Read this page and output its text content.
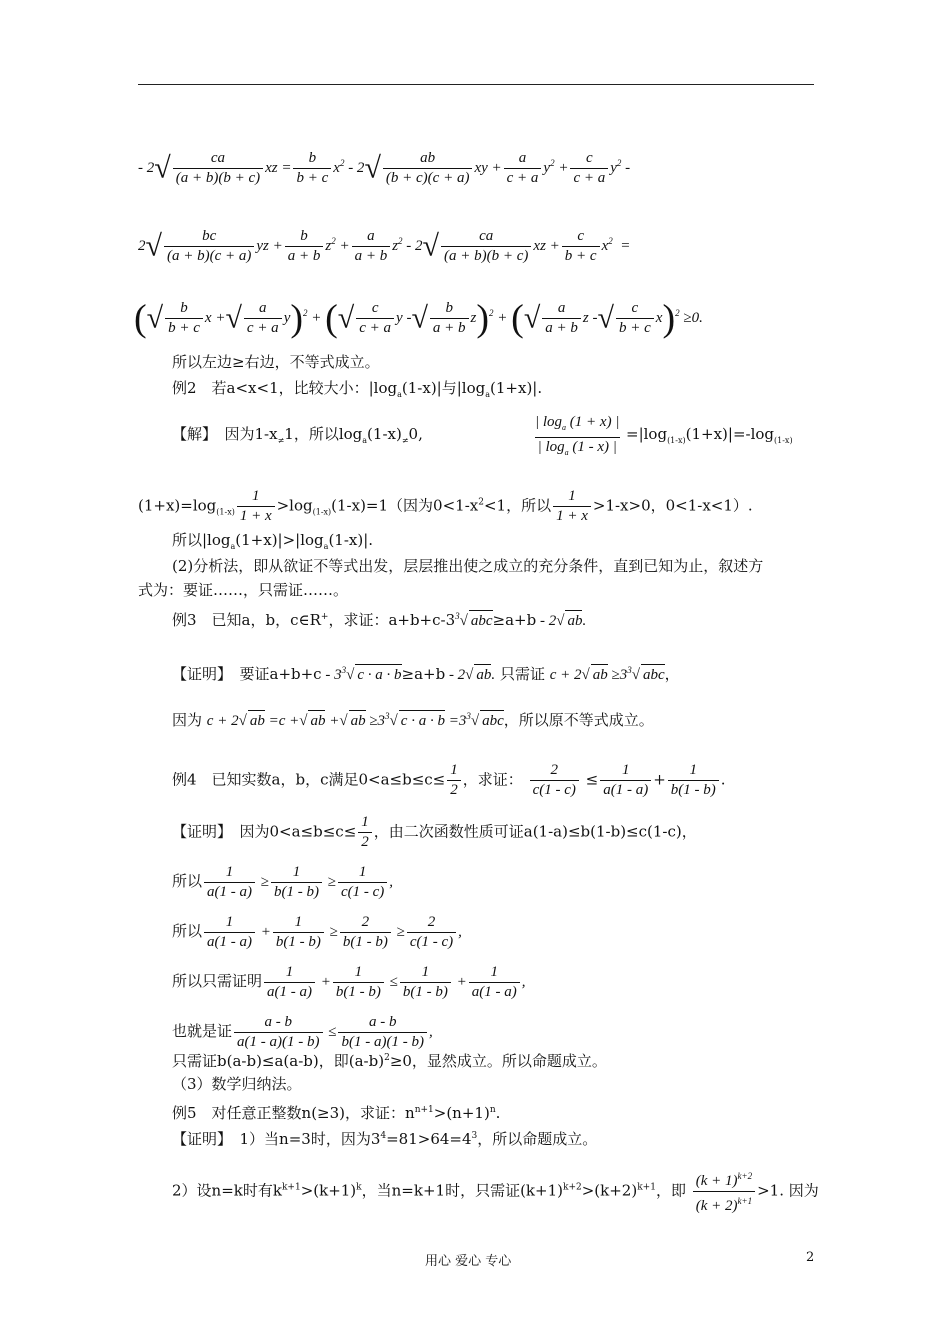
- $2√ \frac{ca}{(a + b)(b + c)}$ xz = $\frac{b}{b + c} x^2 - 2√ \frac{ab}{(b + c)(c + a)}$ xy + $\frac{a}{c + a} y^2 + \frac{c}{c + a} y^2$ -
$2√ \frac{bc}{(a + b)(c + a)}$ yz + $\frac{b}{a + b} z^2 + \frac{a}{a + b} z^2 - 2√ \frac{ca}{(a + b)(b + c)}$ xz + $\frac{c}{b + c} x^2$  =
(√ $\frac{b}{b + c}$ x +√ $\frac{a}{c + a} y)^2$ + (√ $\frac{c}{c + a}$ y -√ $\frac{b}{a + b} z)^2$ + (√ $\frac{a}{a + b}$ z -√ $\frac{c}{b + c} x)^2 \ge 0$.
所以左边≥右边，不等式成立。
例2　若a<x<1，比较大小：$|\log_a(1-x)|$与$|\log_a(1+x)|$.
【解】　因为$1-x_\ne 1$，所以$\log_a(1-x)_\ne 0$,	$\frac{| \log_a (1 + x) |}{| \log_a (1 - x) |} =|\log_{(1-x)}(1+x)|=-\log_{(1-x)}$
$(1+x)=\log_{(1-x)} \frac{1}{1 + x} >\log_{(1-x)}(1-x)=1$（因为$0<1-x^2<1$，所以 $\frac{1}{1 + x} >1-x>0$，0<1-x<1）.
所以$|\log_a(1+x)|>|\log_a(1-x)|$.
(2)分析法，即从欲证不等式出发，层层推出使之成立的充分条件，直到已知为止，叙述方
式为：要证……，只需证……。
例3　已知a，b，c∈R+，求证：$a+b+c-3^3√$ abc≥a+b - 2√ ab.
【证明】　要证$a+b+c - 3^3√$ c · a · b≥a+b - 2√ ab. 只需证 c + 2√ ab $\ge 3^3√$ abc，
因为 c + 2√ ab =c +√ ab +√ ab $\ge 3^3√$ $c \cdot a \cdot b =3^3√$ abc，所以原不等式成立。
例4　已知实数a，b，c满足$0<a\le b\le c\le \frac{1}{2}$ ，求证： $\frac{2}{c(1 - c)} \le \frac{1}{a(1 - a)} + \frac{1}{b(1 - b)}$ .
【证明】　因为$0<a\le b\le c\le \frac{1}{2}$ ，由二次函数性质可证a(1-a)≤b(1-b)≤c(1-c)，
所以 $\frac{1}{a(1 - a)} \ge \frac{1}{b(1 - b)} \ge \frac{1}{c(1 - c)}$ ,
所以 $\frac{1}{a(1 - a)} + \frac{1}{b(1 - b)} \ge \frac{2}{b(1 - b)} \ge \frac{2}{c(1 - c)}$ ,
所以只需证明 $\frac{1}{a(1 - a)} + \frac{1}{b(1 - b)} \le \frac{1}{b(1 - b)} + \frac{1}{a(1 - a)}$ ,
也就是证 $\frac{a - b}{a(1 - a)(1 - b)} \le \frac{a - b}{b(1 - a)(1 - b)}$ ,
只需证b(a-b)≤a(a-b)，即$(a-b)^2\ge 0$，显然成立。所以命题成立。
（3）数学归纳法。
例5　对任意正整数n(≥3)，求证：$n^{n+1}>(n+1)^n$.
【证明】　1）当n=3时，因为$3^4=81>64=4^3$，所以命题成立。
2）设n=k时有$k^{k+1}>(k+1)^k$，当n=k+1时，只需证$(k+1)^{k+2}>(k+2)^{k+1}$，即 $\frac{(k + 1)^{k+2}}{(k + 2)^{k+1}} >1$. 因为
用心 爱心 专心	2
